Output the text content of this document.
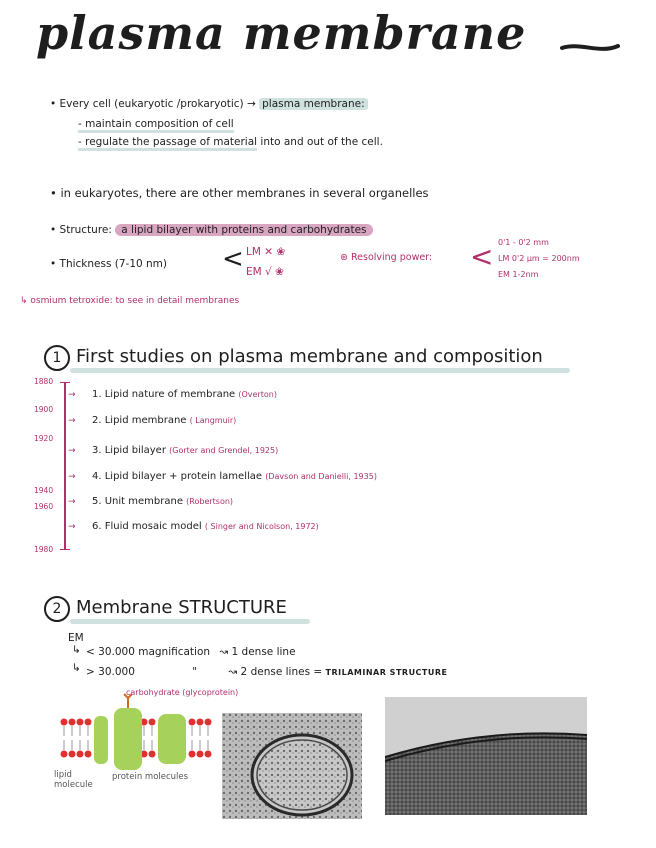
plasma membrane
• Every cell (eukaryotic /prokaryotic) → plasma membrane:
- maintain composition of cell
- regulate the passage of material into and out of the cell.
• in eukaryotes, there are other membranes in several organelles
• Structure: a lipid bilayer with proteins and carbohydrates
• Thickness (7-10 nm) < LM ✕ ❀
EM √ ❀
⊛ Resolving power: < 0'1 - 0'2 mm
LM 0'2 µm = 200nm
EM 1-2nm
↳ osmium tetroxide: to see in detail membranes
1 First studies on plasma membrane and composition
1880
1900
1920
1940
1960
1980
→ 1. Lipid nature of membrane (Overton)
→ 2. Lipid membrane ( Langmuir)
→ 3. Lipid bilayer (Gorter and Grendel, 1925)
→ 4. Lipid bilayer + protein lamellae (Davson and Danielli, 1935)
→ 5. Unit membrane (Robertson)
→ 6. Fluid mosaic model ( Singer and Nicolson, 1972)
2 Membrane STRUCTURE
EM
↳ < 30.000 magnification ↝ 1 dense line
↳ > 30.000	"	↝ 2 dense lines = TRILAMINAR STRUCTURE
carbohydrate (glycoprotein)
lipid molecule
protein molecules
